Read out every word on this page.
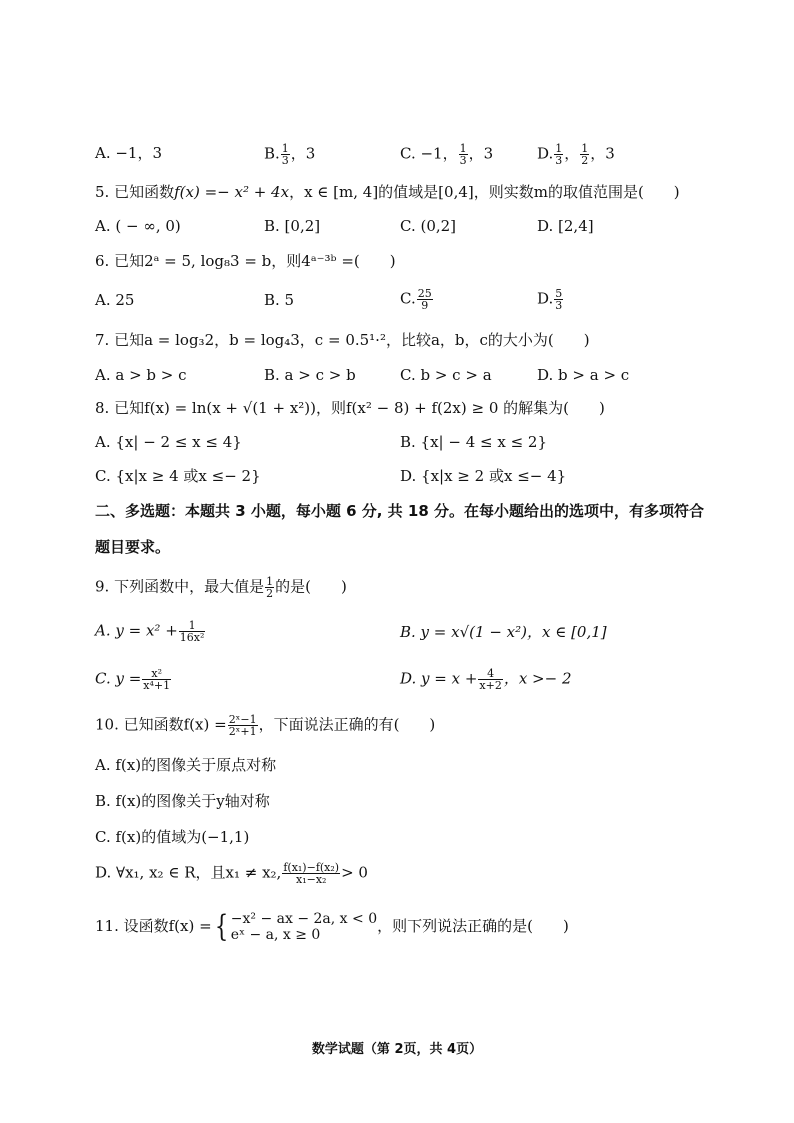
A. −1，3	B. $\frac{1}{3}$ ，3	C. −1， $\frac{1}{3}$ ，3	D. $\frac{1}{3}$ ， $\frac{1}{2}$ ，3
5. 已知函数f(x) =− x² + 4x，x ∈ [m, 4]的值域是[0,4]，则实数m的取值范围是(　　)
A. ( − ∞, 0)	B. [0,2]	C. (0,2]	D. [2,4]
6. 已知2ᵃ = 5, log₈3 = b，则4ᵃ⁻³ᵇ =(　　)
A. 25	B. 5	C. $\frac{25}{9}$	D. $\frac{5}{3}$
7. 已知a = log₃2，b = log₄3，c = 0.5¹·²，比较a，b，c的大小为(　　)
A. a > b > c	B. a > c > b	C. b > c > a	D. b > a > c
8. 已知f(x) = ln(x + √(1 + x²))，则f(x² − 8) + f(2x) ≥ 0 的解集为(　　)
A. {x| − 2 ≤ x ≤ 4}	B. {x| − 4 ≤ x ≤ 2}
C. {x|x ≥ 4 或x ≤− 2}	D. {x|x ≥ 2 或x ≤− 4}
二、多选题：本题共 3 小题，每小题 6 分, 共 18 分。在每小题给出的选项中，有多项符合
题目要求。
9. 下列函数中，最大值是 $\frac{1}{2}$ 的是(　　)
A. $y = x^2 + \frac{1}{\text{16x²}}$	B. y = x√(1 − x²)，x ∈ [0,1]
C. $y = \frac{\text{x²}}{\text{x⁴+1}}$	D. $y = x + \frac{4}{x+2}$ ，x >− 2
10. 已知函数$f(x) = \frac{\text{2ˣ−1}}{\text{2ˣ+1}}$ ，下面说法正确的有(　　)
A. f(x)的图像关于原点对称
B. f(x)的图像关于y轴对称
C. f(x)的值域为(−1,1)
D. ∀x₁, x₂ ∈ R，且x₁ ≠ x₂, $\frac{\text{f(x₁)−f(x₂)}}{\text{x₁−x₂}} > 0$
11. 设函数f(x) ={ −x² − ax − 2a, x < 0
eˣ − a, x ≥ 0	，则下列说法正确的是(　　)
数学试题（第 2页，共 4页）
